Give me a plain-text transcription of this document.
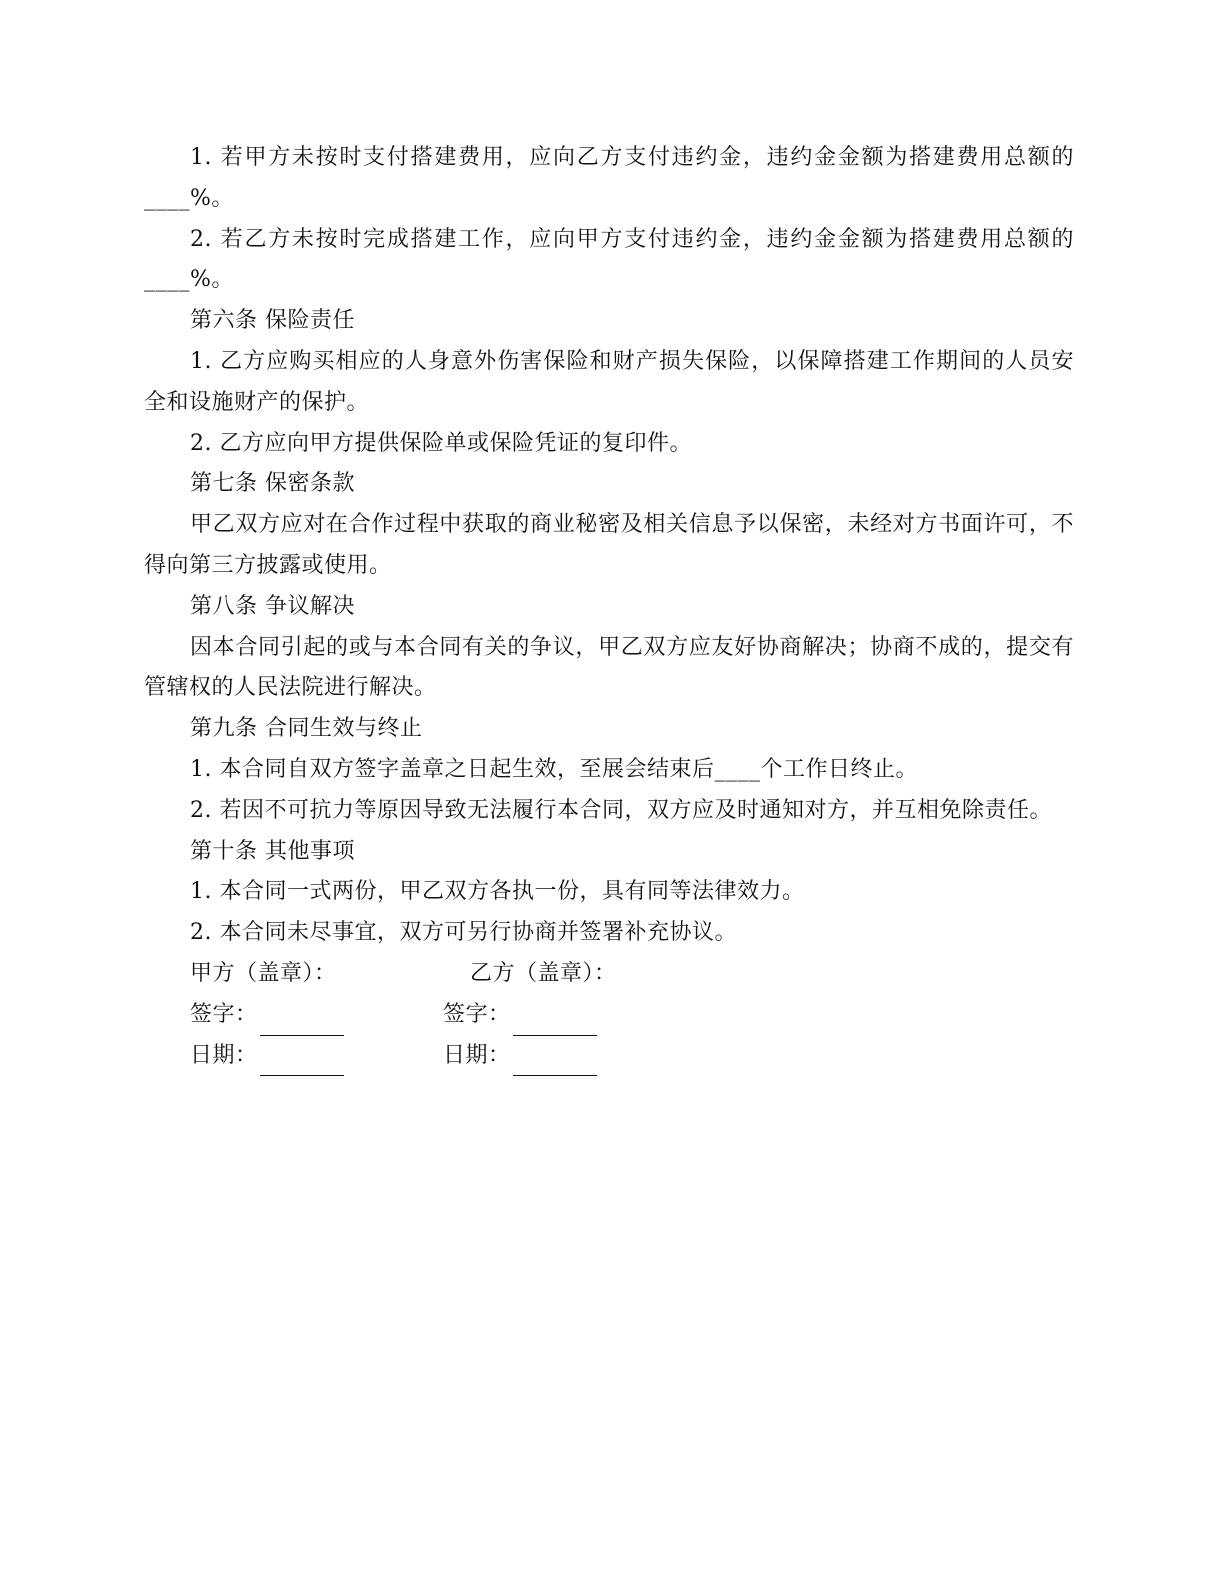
1. 若甲方未按时支付搭建费用，应向乙方支付违约金，违约金金额为搭建费用总额的____%。

2. 若乙方未按时完成搭建工作，应向甲方支付违约金，违约金金额为搭建费用总额的____%。

第六条 保险责任

1. 乙方应购买相应的人身意外伤害保险和财产损失保险，以保障搭建工作期间的人员安全和设施财产的保护。

2. 乙方应向甲方提供保险单或保险凭证的复印件。

第七条 保密条款

甲乙双方应对在合作过程中获取的商业秘密及相关信息予以保密，未经对方书面许可，不得向第三方披露或使用。

第八条 争议解决

因本合同引起的或与本合同有关的争议，甲乙双方应友好协商解决；协商不成的，提交有管辖权的人民法院进行解决。

第九条 合同生效与终止

1. 本合同自双方签字盖章之日起生效，至展会结束后____个工作日终止。

2. 若因不可抗力等原因导致无法履行本合同，双方应及时通知对方，并互相免除责任。

第十条 其他事项

1. 本合同一式两份，甲乙双方各执一份，具有同等法律效力。

2. 本合同未尽事宜，双方可另行协商并签署补充协议。

甲方（盖章）：	乙方（盖章）：
签字：	签字：
日期：	日期：
